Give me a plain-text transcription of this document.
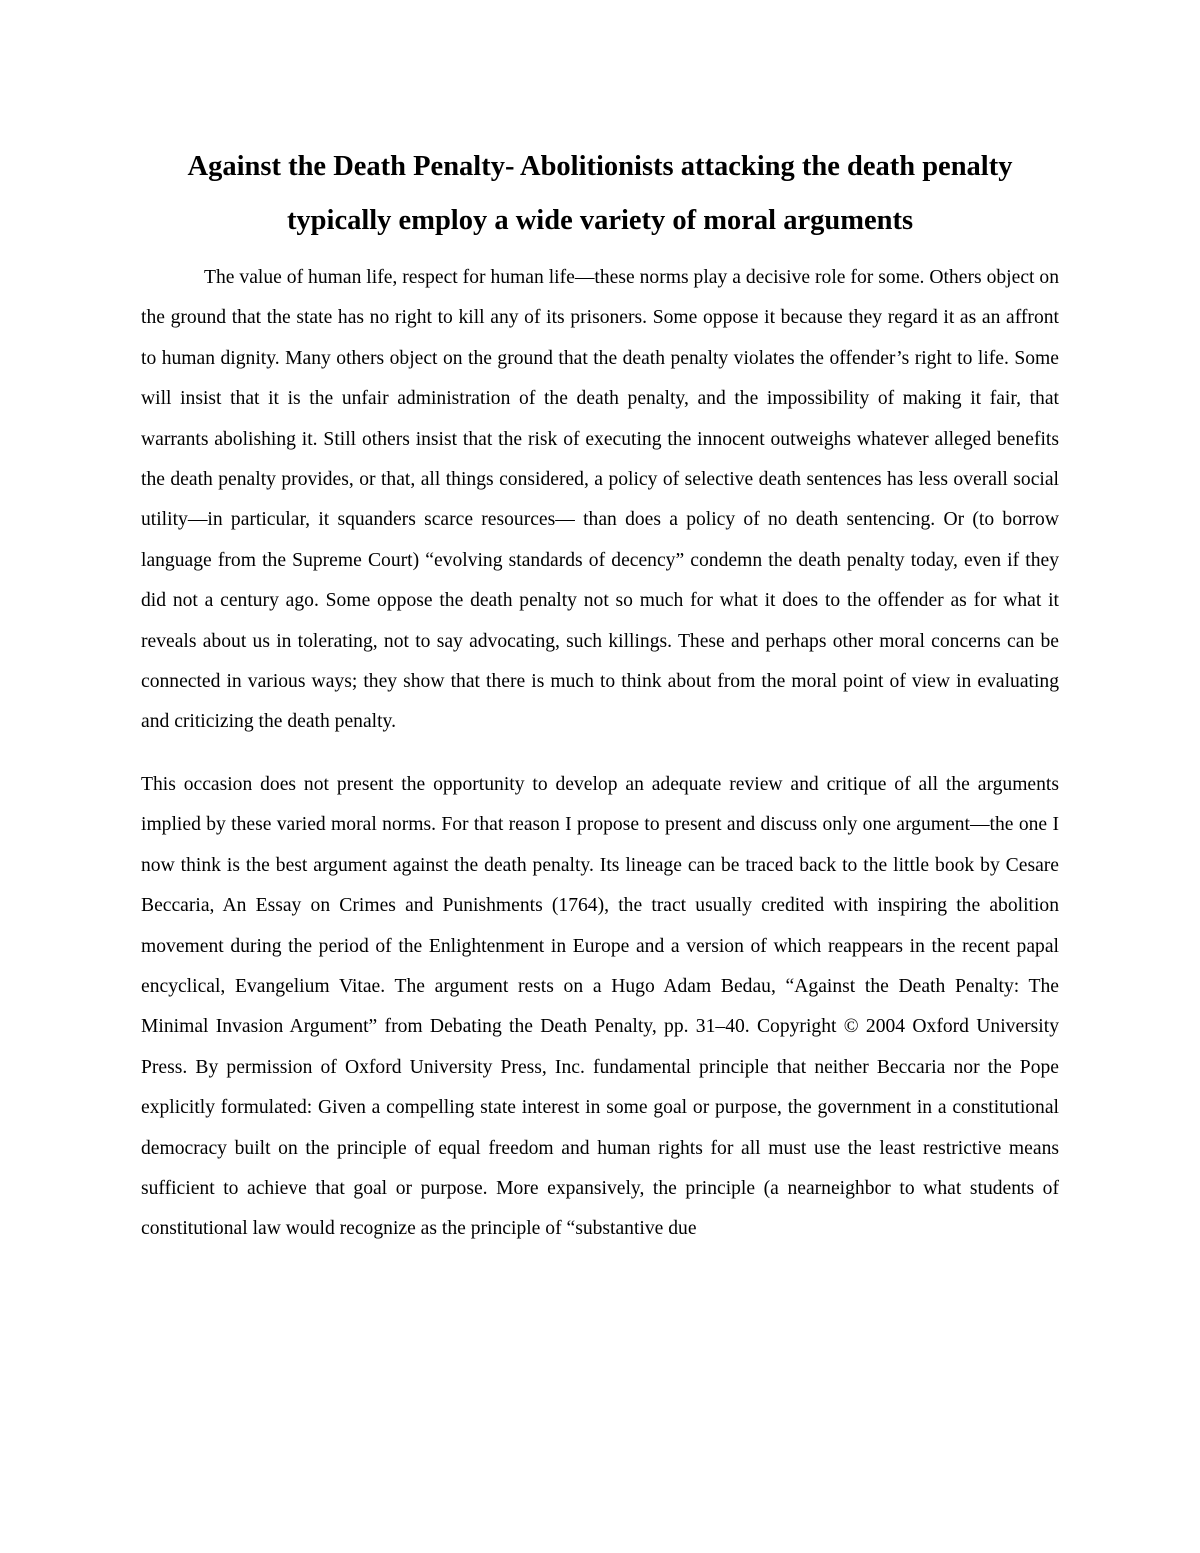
Against the Death Penalty- Abolitionists attacking the death penalty
typically employ a wide variety of moral arguments

The value of human life, respect for human life—these norms play a decisive role for some. Others object on the ground that the state has no right to kill any of its prisoners. Some oppose it because they regard it as an affront to human dignity. Many others object on the ground that the death penalty violates the offender’s right to life. Some will insist that it is the unfair administration of the death penalty, and the impossibility of making it fair, that warrants abolishing it. Still others insist that the risk of executing the innocent outweighs whatever alleged benefits the death penalty provides, or that, all things considered, a policy of selective death sentences has less overall social utility—in particular, it squanders scarce resources— than does a policy of no death sentencing. Or (to borrow language from the Supreme Court) “evolving standards of decency” condemn the death penalty today, even if they did not a century ago. Some oppose the death penalty not so much for what it does to the offender as for what it reveals about us in tolerating, not to say advocating, such killings. These and perhaps other moral concerns can be connected in various ways; they show that there is much to think about from the moral point of view in evaluating and criticizing the death penalty.

This occasion does not present the opportunity to develop an adequate review and critique of all the arguments implied by these varied moral norms. For that reason I propose to present and discuss only one argument—the one I now think is the best argument against the death penalty. Its lineage can be traced back to the little book by Cesare Beccaria, An Essay on Crimes and Punishments (1764), the tract usually credited with inspiring the abolition movement during the period of the Enlightenment in Europe and a version of which reappears in the recent papal encyclical, Evangelium Vitae. The argument rests on a Hugo Adam Bedau, “Against the Death Penalty: The Minimal Invasion Argument” from Debating the Death Penalty, pp. 31–40. Copyright © 2004 Oxford University Press. By permission of Oxford University Press, Inc. fundamental principle that neither Beccaria nor the Pope explicitly formulated: Given a compelling state interest in some goal or purpose, the government in a constitutional democracy built on the principle of equal freedom and human rights for all must use the least restrictive means sufficient to achieve that goal or purpose. More expansively, the principle (a nearneighbor to what students of constitutional law would recognize as the principle of “substantive due
